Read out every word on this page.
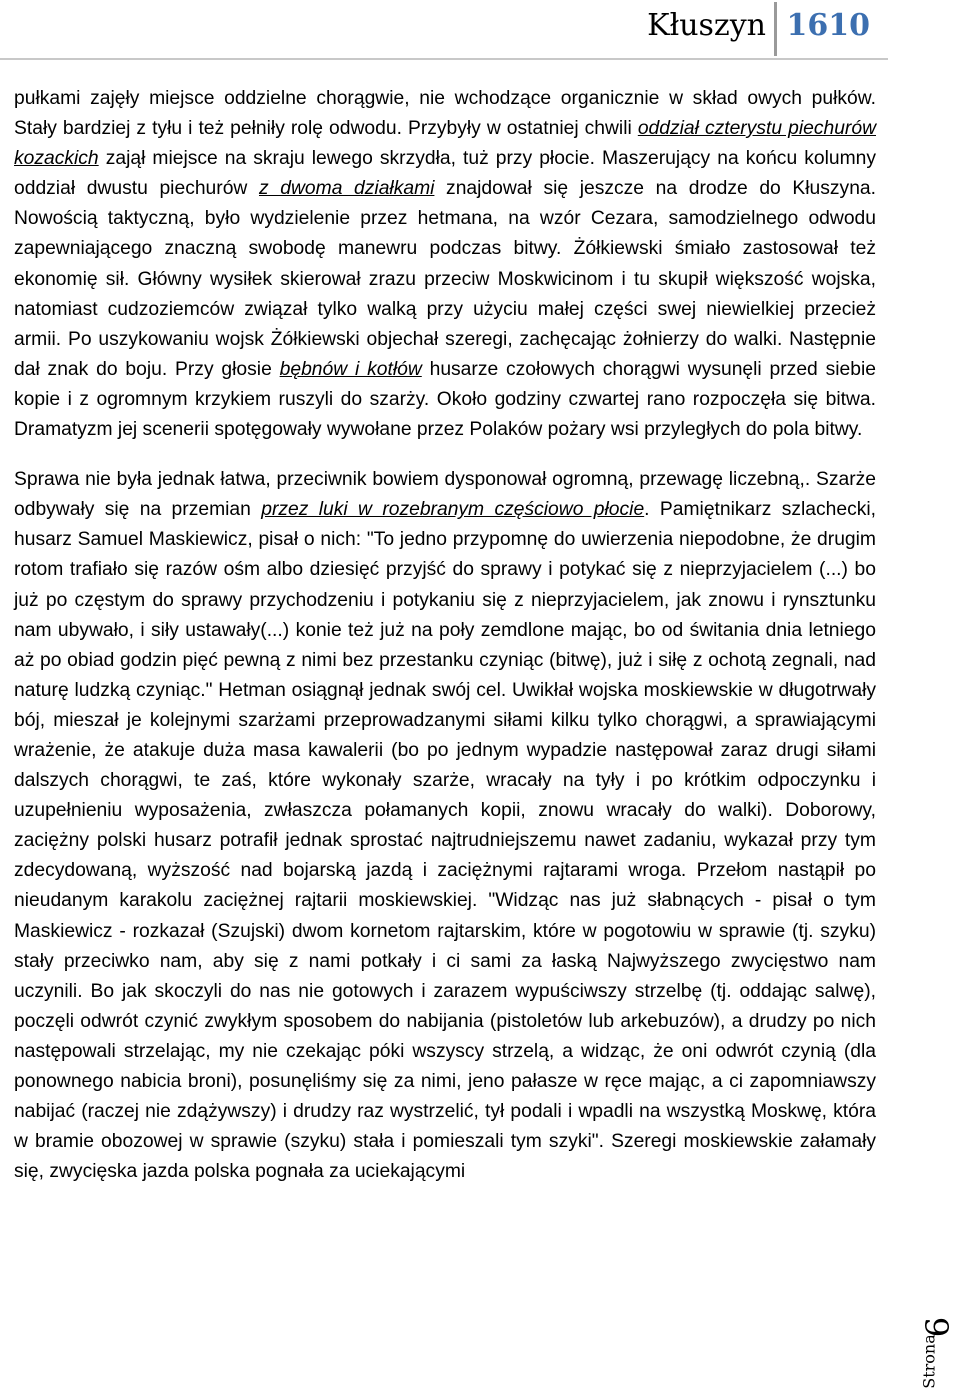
Kłuszyn 1610

pułkami zajęły miejsce oddzielne chorągwie, nie wchodzące organicznie w skład owych pułków. Stały bardziej z tyłu i też pełniły rolę odwodu. Przybyły w ostatniej chwili oddział czterystu piechurów kozackich zajął miejsce na skraju lewego skrzydła, tuż przy płocie. Maszerujący na końcu kolumny oddział dwustu piechurów z dwoma działkami znajdował się jeszcze na drodze do Kłuszyna. Nowością taktyczną, było wydzielenie przez hetmana, na wzór Cezara, samodzielnego odwodu zapewniającego znaczną swobodę manewru podczas bitwy. Żółkiewski śmiało zastosował też ekonomię sił. Główny wysiłek skierował zrazu przeciw Moskwicinom i tu skupił większość wojska, natomiast cudzoziemców związał tylko walką przy użyciu małej części swej niewielkiej przecież armii. Po uszykowaniu wojsk Żółkiewski objechał szeregi, zachęcając żołnierzy do walki. Następnie dał znak do boju. Przy głosie bębnów i kotłów husarze czołowych chorągwi wysunęli przed siebie kopie i z ogromnym krzykiem ruszyli do szarży. Około godziny czwartej rano rozpoczęła się bitwa. Dramatyzm jej scenerii spotęgowały wywołane przez Polaków pożary wsi przyległych do pola bitwy.

Sprawa nie była jednak łatwa, przeciwnik bowiem dysponował ogromną, przewagę liczebną,. Szarże odbywały się na przemian przez luki w rozebranym częściowo płocie. Pamiętnikarz szlachecki, husarz Samuel Maskiewicz, pisał o nich: "To jedno przypomnę do uwierzenia niepodobne, że drugim rotom trafiało się razów ośm albo dziesięć przyjść do sprawy i potykać się z nieprzyjacielem (...) bo już po częstym do sprawy przychodzeniu i potykaniu się z nieprzyjacielem, jak znowu i rynsztunku nam ubywało, i siły ustawały(...) konie też już na poły zemdlone mając, bo od świtania dnia letniego aż po obiad godzin pięć pewną z nimi bez przestanku czyniąc (bitwę), już i siłę z ochotą zegnali, nad naturę ludzką czyniąc." Hetman osiągnął jednak swój cel. Uwikłał wojska moskiewskie w długotrwały bój, mieszał je kolejnymi szarżami przeprowadzanymi siłami kilku tylko chorągwi, a sprawiającymi wrażenie, że atakuje duża masa kawalerii (bo po jednym wypadzie następował zaraz drugi siłami dalszych chorągwi, te zaś, które wykonały szarże, wracały na tyły i po krótkim odpoczynku i uzupełnieniu wyposażenia, zwłaszcza połamanych kopii, znowu wracały do walki). Doborowy, zaciężny polski husarz potrafił jednak sprostać najtrudniejszemu nawet zadaniu, wykazał przy tym zdecydowaną, wyższość nad bojarską jazdą i zaciężnymi rajtarami wroga. Przełom nastąpił po nieudanym karakolu zaciężnej rajtarii moskiewskiej. "Widząc nas już słabnących - pisał o tym Maskiewicz - rozkazał (Szujski) dwom kornetom rajtarskim, które w pogotowiu w sprawie (tj. szyku) stały przeciwko nam, aby się z nami potkały i ci sami za łaską Najwyższego zwycięstwo nam uczynili. Bo jak skoczyli do nas nie gotowych i zarazem wypuściwszy strzelbę (tj. oddając salwę), poczęli odwrót czynić zwykłym sposobem do nabijania (pistoletów lub arkebuzów), a drudzy po nich następowali strzelając, my nie czekając póki wszyscy strzelą, a widząc, że oni odwrót czynią (dla ponownego nabicia broni), posunęliśmy się za nimi, jeno pałasze w ręce mając, a ci zapomniawszy nabijać (raczej nie zdążywszy) i drudzy raz wystrzelić, tył podali i wpadli na wszystką Moskwę, która w bramie obozowej w sprawie (szyku) stała i pomieszali tym szyki". Szeregi moskiewskie załamały się, zwycięska jazda polska pognała za uciekającymi

Strona
6
